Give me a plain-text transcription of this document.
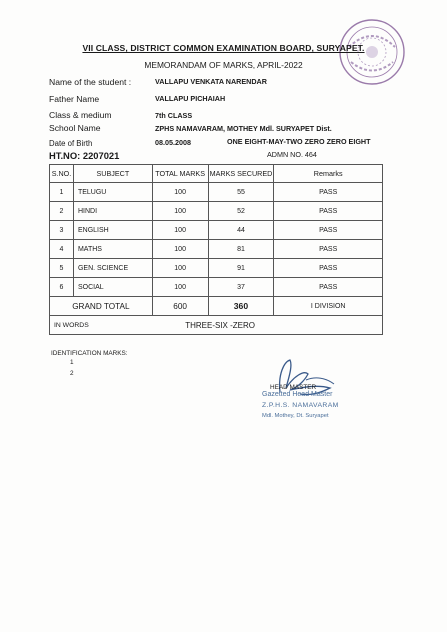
VII CLASS, DISTRICT COMMON EXAMINATION BOARD, SURYAPET.
MEMORANDAM OF MARKS, APRIL-2022
Name of the student :	VALLAPU VENKATA NARENDAR
Father Name	VALLAPU PICHAIAH
Class & medium	7th CLASS
School Name	ZPHS NAMAVARAM, MOTHEY Mdl. SURYAPET Dist.
Date of Birth	08.05.2008	ONE EIGHT-MAY-TWO ZERO ZERO EIGHT
HT.NO: 2207021	ADMN NO. 464
S.NO.	SUBJECT	TOTAL MARKS	MARKS SECURED	Remarks
1	TELUGU	100	55	PASS
2	HINDI	100	52	PASS
3	ENGLISH	100	44	PASS
4	MATHS	100	81	PASS
5	GEN. SCIENCE	100	91	PASS
6	SOCIAL	100	37	PASS
GRAND TOTAL		600	360	I DIVISION
IN WORDS		THREE-SIX -ZERO		
IDENTIFICATION MARKS:
1
2
HEAD MASTER
Gazetted Head Master
Z.P.H.S. NAMAVARAM
Mdl. Mothey, Dt. Suryapet
